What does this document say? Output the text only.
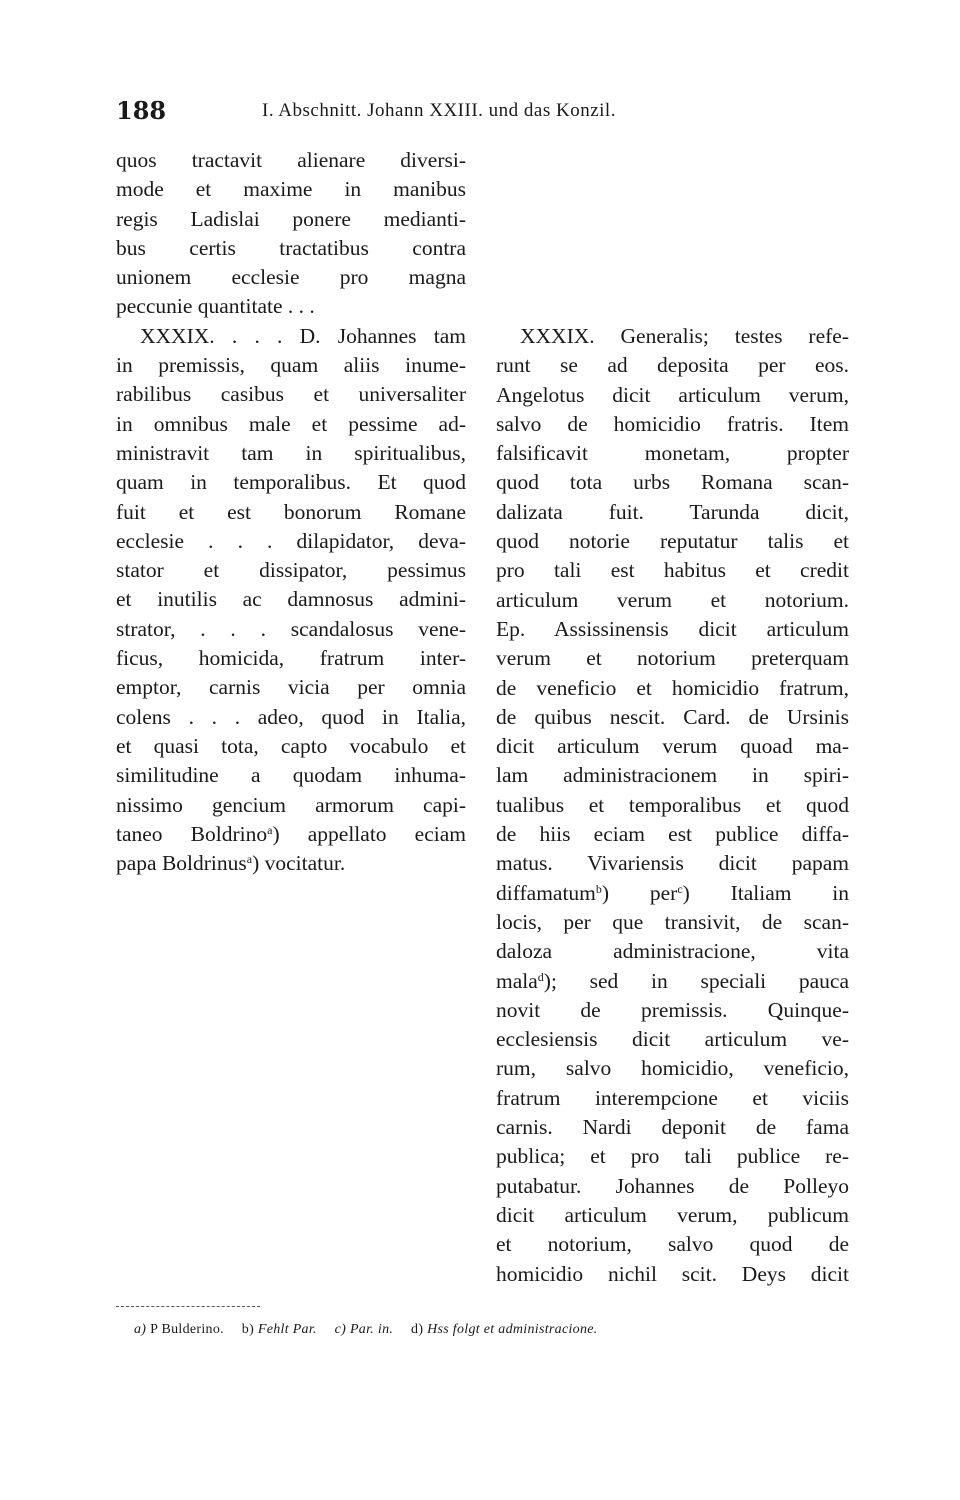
188	I. Abschnitt. Johann XXIII. und das Konzil.
quos tractavit alienare diversi-
mode et maxime in manibus
regis Ladislai ponere medianti-
bus certis tractatibus contra
unionem ecclesie pro magna
peccunie quantitate . . .
XXXIX. . . . D. Johannes tam
in premissis, quam aliis inume-
rabilibus casibus et universaliter
in omnibus male et pessime ad-
ministravit tam in spiritualibus,
quam in temporalibus. Et quod
fuit et est bonorum Romane
ecclesie . . . dilapidator, deva-
stator et dissipator, pessimus
et inutilis ac damnosus admini-
strator, . . . scandalosus vene-
ficus, homicida, fratrum inter-
emptor, carnis vicia per omnia
colens . . . adeo, quod in Italia,
et quasi tota, capto vocabulo et
similitudine a quodam inhuma-
nissimo gencium armorum capi-
taneo Boldrino$^a$) appellato eciam
papa Boldrinus$^a$) vocitatur.
XXXIX. Generalis; testes refe-
runt se ad deposita per eos.
Angelotus dicit articulum verum,
salvo de homicidio fratris. Item
falsificavit monetam, propter
quod tota urbs Romana scan-
dalizata fuit. Tarunda dicit,
quod notorie reputatur talis et
pro tali est habitus et credit
articulum verum et notorium.
Ep. Assissinensis dicit articulum
verum et notorium preterquam
de veneficio et homicidio fratrum,
de quibus nescit. Card. de Ursinis
dicit articulum verum quoad ma-
lam administracionem in spiri-
tualibus et temporalibus et quod
de hiis eciam est publice diffa-
matus. Vivariensis dicit papam
diffamatum$^b$) per$^c$) Italiam in
locis, per que transivit, de scan-
daloza administracione, vita
mala$^d$); sed in speciali pauca
novit de premissis. Quinque-
ecclesiensis dicit articulum ve-
rum, salvo homicidio, veneficio,
fratrum interempcione et viciis
carnis. Nardi deponit de fama
publica; et pro tali publice re-
putabatur. Johannes de Polleyo
dicit articulum verum, publicum
et notorium, salvo quod de
homicidio nichil scit. Deys dicit
a) P Bulderino. b) Fehlt Par. c) Par. in. d) Hss folgt et administracione.
